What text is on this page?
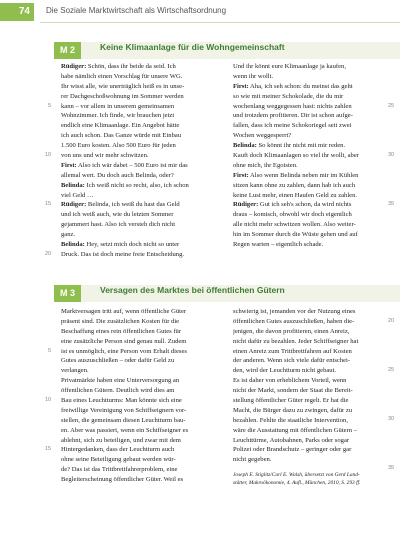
74	Die Soziale Marktwirtschaft als Wirtschaftsordnung
M 2	Keine Klimaanlage für die Wohngemeinschaft
Rüdiger: Schön, dass ihr beide da seid. Ich
habe nämlich einen Vorschlag für unsere WG.
Ihr wisst alle, wie unerträglich heiß es in unse-
rer Dachgeschoßwohnung im Sommer werden
kann – vor allem in unserem gemeinsamen
Wohnzimmer. Ich finde, wir brauchen jetzt
endlich eine Klimaanlage. Ein Angebot hätte
ich auch schon. Das Ganze würde mit Einbau
1.500 Euro kosten. Also 500 Euro für jeden
von uns und wir mehr schwitzen.
First: Also ich wär dabei – 500 Euro ist mir das
allemal wert. Du doch auch Belinda, oder?
Belinda: Ich weiß nicht so recht, also, ich schon
viel Geld …
Rüdiger: Belinda, ich weiß du hast das Geld
und ich weiß auch, wie du letzten Sommer
gejammert hast. Also ich versteh dich nicht
ganz.
Belinda: Hey, setzt mich doch nicht so unter
Druck. Das ist doch meine freie Entscheidung.
Und ihr könnt eure Klimaanlage ja kaufen,
wenn ihr wollt.
First: Aha, ich seh schon: du meinst das geht
so wie mit meiner Schokolade, die du mir
wochenlang weggegessen hast: nichts zahlen
und trotzdem profitieren. Dir ist schon aufge-
fallen, dass ich meine Schokoriegel seit zwei
Wochen weggesperrt?
Belinda: So könnt ihr nicht mit mir reden.
Kauft doch Klimaanlagen so viel ihr wollt, aber
ohne mich, ihr Egoisten.
First: Also wenn Belinda neben mir im Kühlen
sitzen kann ohne zu zahlen, dann hab ich auch
keine Lust mehr, einen Haufen Geld zu zahlen.
Rüdiger: Gut ich seh's schon, da wird nichts
draus – komisch, obwohl wir doch eigentlich
alle nicht mehr schwitzen wollen. Also weiter-
hin im Sommer durch die Wüste gehen und auf
Regen warten – eigentlich schade.
5
10
15
20
25
30
35
M 3	Versagen des Marktes bei öffentlichen Gütern
Marktversagen tritt auf, wenn öffentliche Güter
präsent sind. Die zusätzlichen Kosten für die
Beschaffung eines rein öffentlichen Gutes für
eine zusätzliche Person sind genau null. Zudem
ist es unmöglich, eine Person vom Erhalt dieses
Gutes auszuschließen – oder dafür Geld zu
verlangen.
Privatmärkte haben eine Unterversorgung an
öffentlichen Gütern. Deutlich wird dies am
Bau eines Leuchtturms: Man könnte sich eine
freiwillige Vereinigung von Schiffseignern vor-
stellen, die gemeinsam diesen Leuchtturm bau-
en. Aber was passiert, wenn ein Schiffseigner es
ablehnt, sich zu beteiligen, und zwar mit dem
Hintergedanken, dass der Leuchtturm auch
ohne seine Beteiligung gebaut werden wür-
de? Das ist das Trittbrettfahrerproblem, eine
Begleiterscheinung öffentlicher Güter. Weil es
schwierig ist, jemanden vor der Nutzung eines
öffentlichen Gutes auszuschließen, haben die-
jenigen, die davon profitieren, einen Anreiz,
nicht dafür zu bezahlen. Jeder Schiffseigner hat
einen Anreiz zum Trittbrettfahren auf Kosten
der anderen. Wenn sich viele dafür entschei-
den, wird der Leuchtturm nicht gebaut.
Es ist daher von erheblichem Vorteil, wenn
nicht der Markt, sondern der Staat die Bereit-
stellung öffentlicher Güter regelt. Er hat die
Macht, die Bürger dazu zu zwingen, dafür zu
bezahlen. Fehlte die staatliche Intervention,
wäre die Ausstattung mit öffentlichen Gütern –
Leuchttürme, Autobahnen, Parks oder sogar
Polizei oder Brandschutz – geringer oder gar
nicht gegeben.
5
10
15
20
25
30
35
Joseph E. Stiglitz/Carl E. Walsh, übersetzt von Gerd Land-
stätter, Makroökonomie, 4. Aufl., München, 2010, S. 293 ff.
